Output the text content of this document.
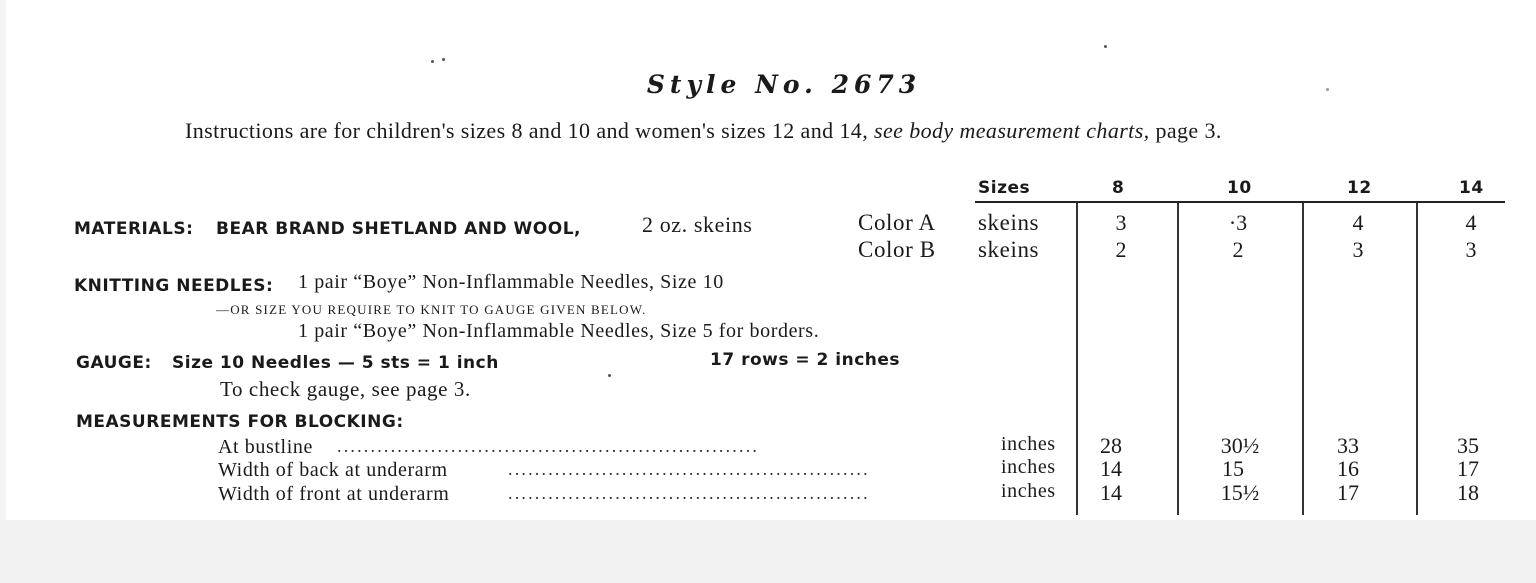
Style No. 2673
Instructions are for children's sizes 8 and 10 and women's sizes 12 and 14, see body measurement charts, page 3.
Sizes	8	10	12	14
MATERIALS: BEAR BRAND SHETLAND AND WOOL,	2 oz. skeins	Color A skeins	3	·3	4	4
Color B skeins	2	2	3	3
KNITTING NEEDLES: 1 pair “Boye” Non-Inflammable Needles, Size 10
—OR SIZE YOU REQUIRE TO KNIT TO GAUGE GIVEN BELOW.
1 pair “Boye” Non-Inflammable Needles, Size 5 for borders.
GAUGE: Size 10 Needles — 5 sts = 1 inch	17 rows = 2 inches
To check gauge, see page 3.
MEASUREMENTS FOR BLOCKING:
At bustline ...............................................................	inches	28	30½	33	35
Width of back at underarm	......................................................	inches	14	15	16	17
Width of front at underarm	......................................................	inches	14	15½	17	18
